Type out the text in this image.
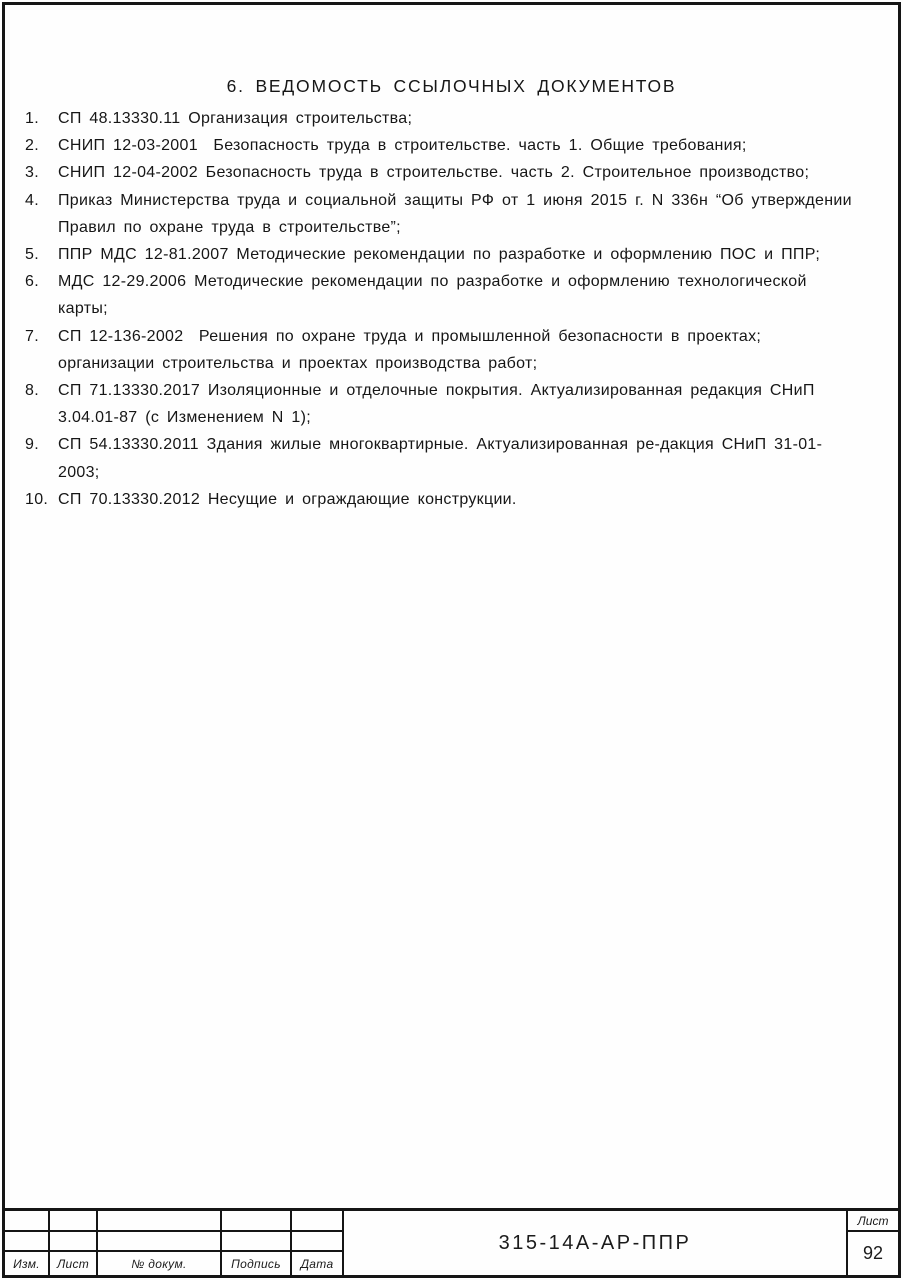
6. ВЕДОМОСТЬ ССЫЛОЧНЫХ ДОКУМЕНТОВ
1.	СП 48.13330.11 Организация строительства;
2.	СНИП 12-03-2001  Безопасность труда в строительстве. часть 1. Общие требования;
3.	СНИП 12-04-2002 Безопасность труда в строительстве. часть 2. Строительное производство;
4.	Приказ Министерства труда и социальной защиты РФ от 1 июня 2015 г. N 336н “Об утверждении Правил по охране труда в строительстве”;
5.	ППР МДС 12-81.2007 Методические рекомендации по разработке и оформлению ПОС и ППР;
6.	МДС 12-29.2006 Методические рекомендации по разработке и оформлению технологической карты;
7.	СП 12-136-2002  Решения по охране труда и промышленной безопасности в проектах; организации строительства и проектах производства работ;
8.	СП 71.13330.2017 Изоляционные и отделочные покрытия. Актуализированная редакция СНиП 3.04.01-87 (с Изменением N 1);
9.	СП 54.13330.2011 Здания жилые многоквартирные. Актуализированная ре-дакция СНиП 31-01-2003;
10. СП 70.13330.2012 Несущие и ограждающие конструкции.
315-14А-АР-ППР
Лист
92
Изм. Лист	№ докум.	Подпись Дата
